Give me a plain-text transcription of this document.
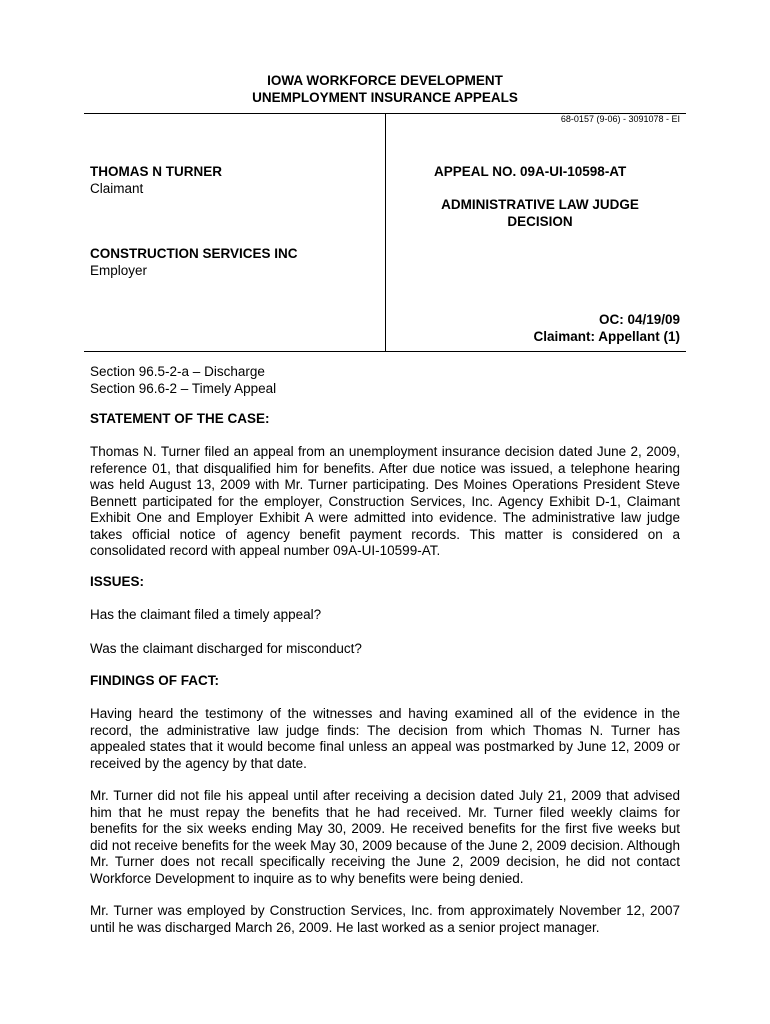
IOWA WORKFORCE DEVELOPMENT
UNEMPLOYMENT INSURANCE APPEALS
68-0157 (9-06) - 3091078 - EI
THOMAS N TURNER
Claimant
CONSTRUCTION SERVICES INC
Employer
APPEAL NO. 09A-UI-10598-AT
ADMINISTRATIVE LAW JUDGE
DECISION
OC: 04/19/09
Claimant: Appellant (1)
Section 96.5-2-a – Discharge
Section 96.6-2 – Timely Appeal
STATEMENT OF THE CASE:
Thomas N. Turner filed an appeal from an unemployment insurance decision dated June 2, 2009, reference 01, that disqualified him for benefits. After due notice was issued, a telephone hearing was held August 13, 2009 with Mr. Turner participating. Des Moines Operations President Steve Bennett participated for the employer, Construction Services, Inc. Agency Exhibit D-1, Claimant Exhibit One and Employer Exhibit A were admitted into evidence. The administrative law judge takes official notice of agency benefit payment records. This matter is considered on a consolidated record with appeal number 09A-UI-10599-AT.
ISSUES:
Has the claimant filed a timely appeal?
Was the claimant discharged for misconduct?
FINDINGS OF FACT:
Having heard the testimony of the witnesses and having examined all of the evidence in the record, the administrative law judge finds: The decision from which Thomas N. Turner has appealed states that it would become final unless an appeal was postmarked by June 12, 2009 or received by the agency by that date.
Mr. Turner did not file his appeal until after receiving a decision dated July 21, 2009 that advised him that he must repay the benefits that he had received. Mr. Turner filed weekly claims for benefits for the six weeks ending May 30, 2009. He received benefits for the first five weeks but did not receive benefits for the week May 30, 2009 because of the June 2, 2009 decision. Although Mr. Turner does not recall specifically receiving the June 2, 2009 decision, he did not contact Workforce Development to inquire as to why benefits were being denied.
Mr. Turner was employed by Construction Services, Inc. from approximately November 12, 2007 until he was discharged March 26, 2009. He last worked as a senior project manager.
